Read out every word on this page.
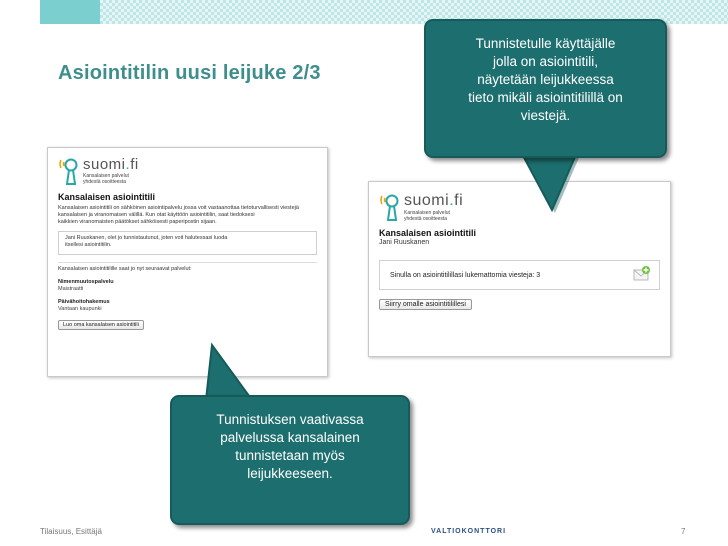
Asiointitilin uusi leijuke 2/3
suomi.fi
Kansalaisen palvelut
yhdestä osoitteesta
Kansalaisen asiointitili
Kansalaisen asiointitili on sähköinen asiointipalvelu jossa voit vastaanottaa tietoturvallisesti viestejä
kansalaisen ja viranomaisen välillä. Kun otat käyttöön asiointitilin, saat tiedoksesi
kaikkien viranomaisten päätökset sähköisesti paperipostin sijaan.
Jani Ruuskanen, olet jo tunnistautunut, joten voit halutessasi luoda
itsellesi asiointitilin.
Kansalaisen asiointitilille saat jo nyt seuraavat palvelut:
Nimenmuutospalvelu
Maistraatti
Päivähoitohakemus
Vantaan kaupunki
Luo oma kansalaisen asiointitili
suomi.fi
Kansalaisen palvelut
yhdestä osoitteesta
Kansalaisen asiointitili
Jani Ruuskanen
Sinulla on asiointitilillasi lukemattomia viesteja: 3
Siirry omalle asiointitilillesi
Tunnistetulle käyttäjälle
jolla on asiointitili,
näytetään leijukkeessa
tieto mikäli asiointitilillä on
viestejä.
Tunnistuksen vaativassa
palvelussa kansalainen
tunnistetaan myös
leijukkeeseen.
Tilaisuus, Esittäjä	VALTIOKONTTORI	7
